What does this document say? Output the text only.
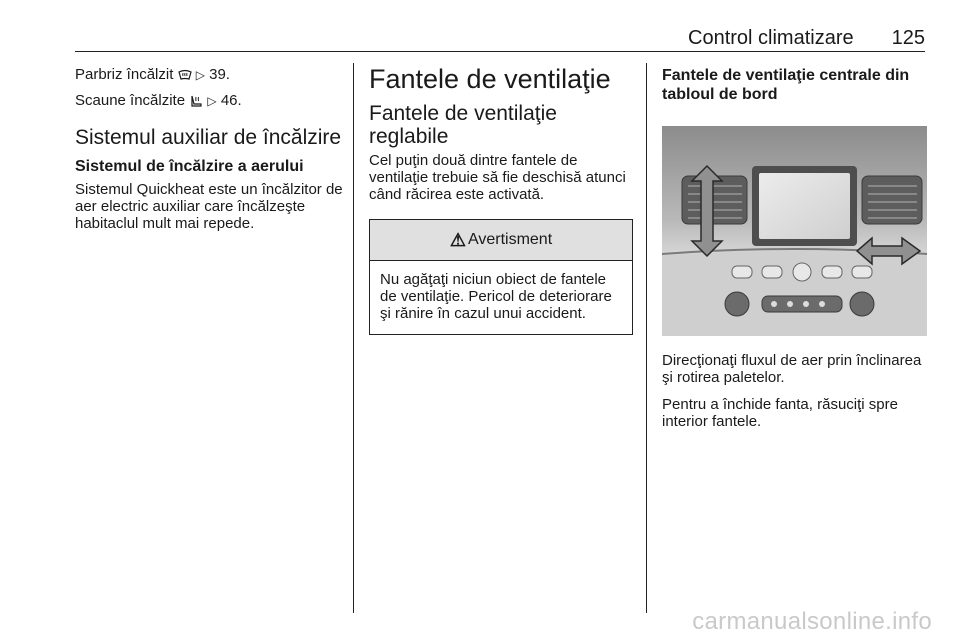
Control climatizare 125

Parbriz încălzit  ▷ 39.

Scaune încălzite  ▷ 46.

Sistemul auxiliar de încălzire
Sistemul de încălzire a aerului

Sistemul Quickheat este un încălzitor de aer electric auxiliar care încălzeşte habitaclul mult mai repede.

Fantele de ventilaţie
Fantele de ventilaţie reglabile

Cel puţin două dintre fantele de ventilaţie trebuie să fie deschisă atunci când răcirea este activată.

⚠ Avertisment
Nu agăţaţi niciun obiect de fantele de ventilaţie. Pericol de deteriorare şi rănire în cazul unui accident.
Fantele de ventilaţie centrale din tabloul de bord

Direcţionaţi fluxul de aer prin înclinarea şi rotirea paletelor.

Pentru a închide fanta, răsuciţi spre interior fantele.

carmanualsonline.info
